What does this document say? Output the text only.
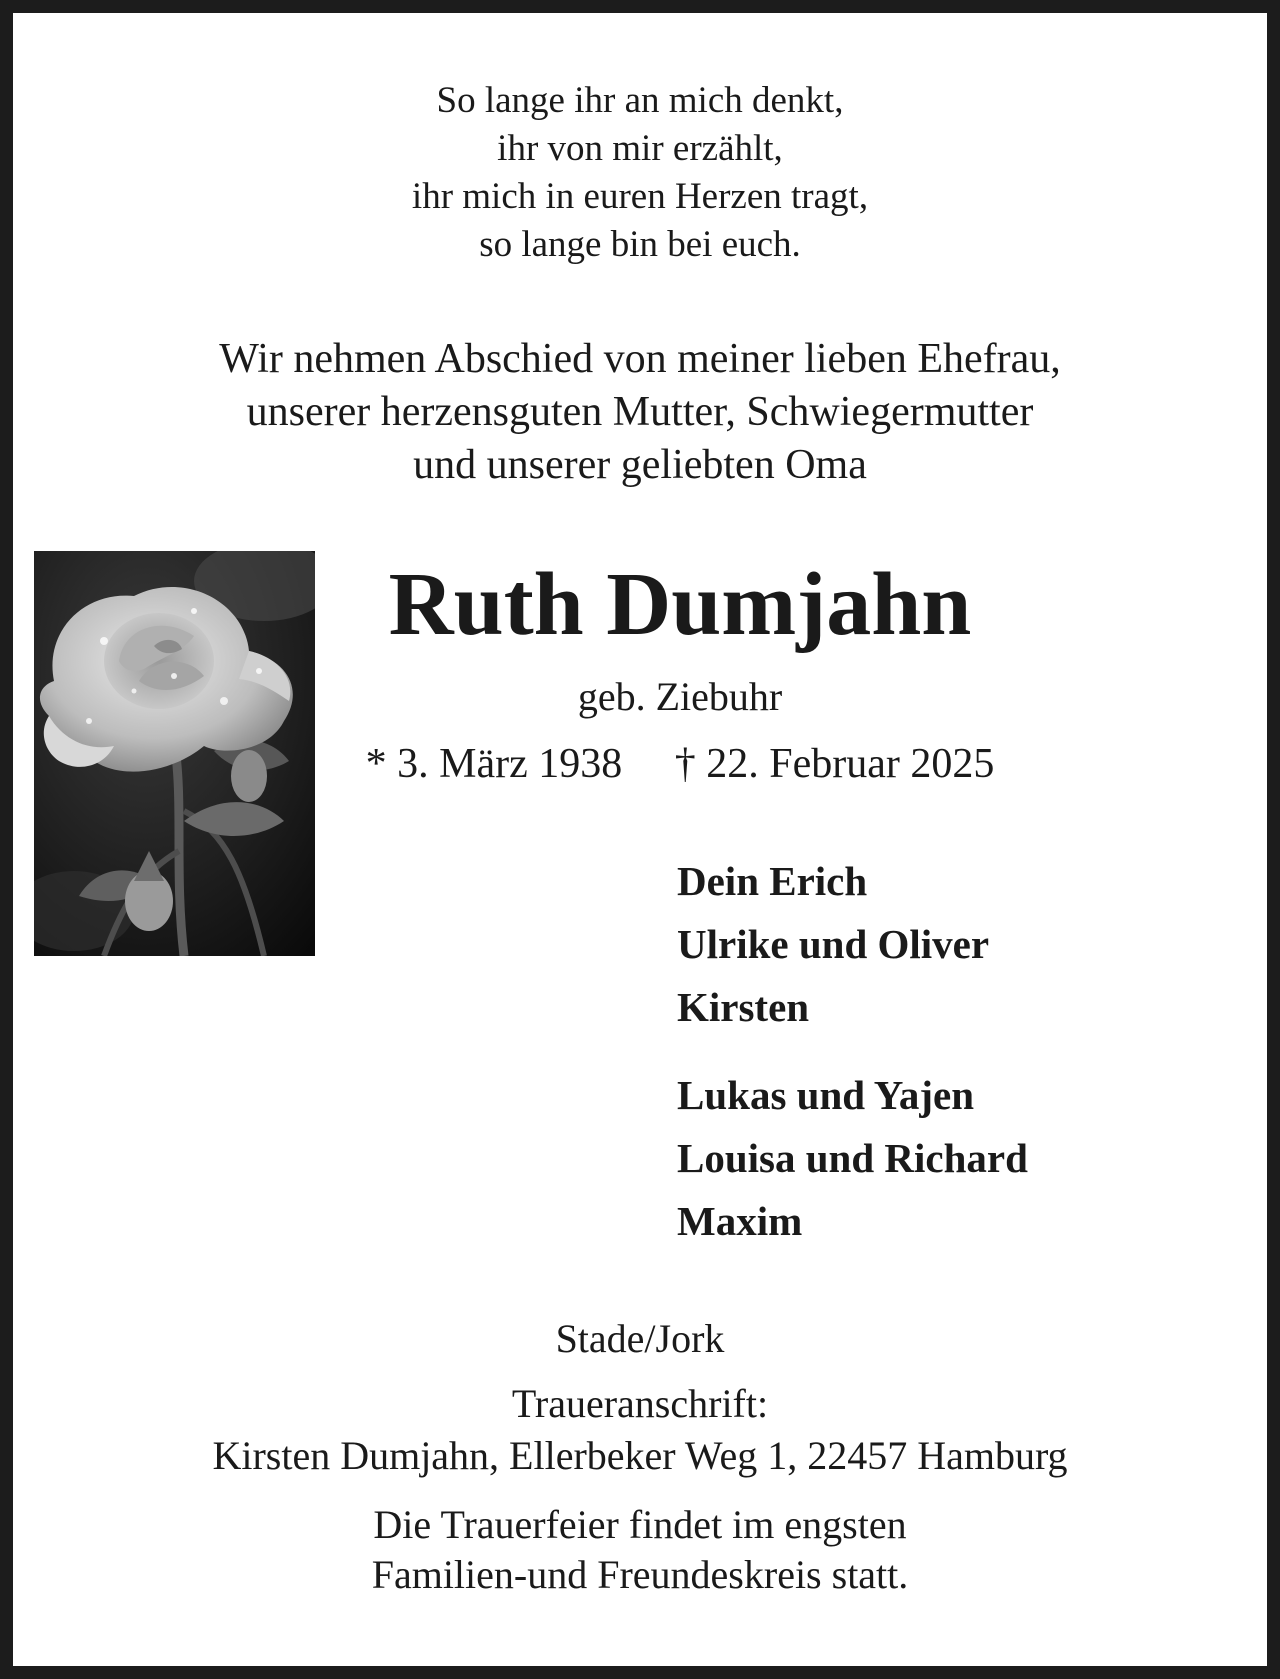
So lange ihr an mich denkt,
ihr von mir erzählt,
ihr mich in euren Herzen tragt,
so lange bin bei euch.
Wir nehmen Abschied von meiner lieben Ehefrau,
unserer herzensguten Mutter, Schwiegermutter
und unserer geliebten Oma
Ruth Dumjahn
geb. Ziebuhr
* 3. März 1938     † 22. Februar 2025
Dein Erich
Ulrike und Oliver
Kirsten
Lukas und Yajen
Louisa und Richard
Maxim
Stade/Jork
Traueranschrift:
Kirsten Dumjahn, Ellerbeker Weg 1, 22457 Hamburg
Die Trauerfeier findet im engsten
Familien-und Freundeskreis statt.
